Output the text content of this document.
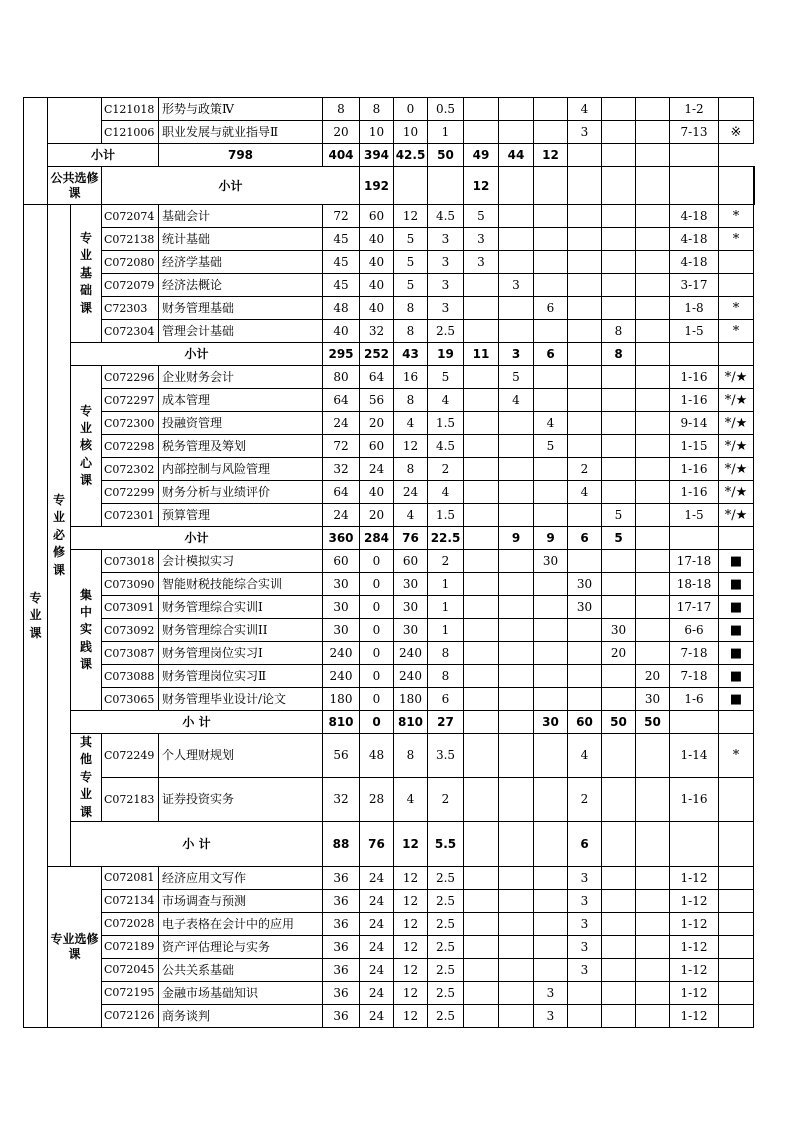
			C121018	形势与政策Ⅳ	8	8	0	0.5				4			1-2		
			C121006	职业发展与就业指导Ⅱ	20	10	10	1				3			7-13	※	
	小计			798	404	394	42.5	50	49	44	12						
	公共选修课		小计			192			12								

专业课	专业必修课	专业基础课	C072074	基础会计	72	60	12	4.5	5						4-18	*	
			C072138	统计基础	45	40	5	3	3						4-18	*	
			C072080	经济学基础	45	40	5	3	3						4-18		
			C072079	经济法概论	45	40	5	3		3					3-17		
			C72303	财务管理基础	48	40	8	3			6				1-8	*	
			C072304	管理会计基础	40	32	8	2.5					8		1-5	*	
		小计			295	252	43	19	11	3	6		8				

		专业核心课	C072296	企业财务会计	80	64	16	5		5					1-16	*/★	
			C072297	成本管理	64	56	8	4		4					1-16	*/★	
			C072300	投融资管理	24	20	4	1.5			4				9-14	*/★	
			C072298	税务管理及筹划	72	60	12	4.5			5				1-15	*/★	
			C072302	内部控制与风险管理	32	24	8	2				2			1-16	*/★	
			C072299	财务分析与业绩评价	64	40	24	4				4			1-16	*/★	
			C072301	预算管理	24	20	4	1.5					5		1-5	*/★	
		小计			360	284	76	22.5		9	9	6	5				

		集中实践课	C073018	会计模拟实习	60	0	60	2			30				17-18	■	
			C073090	智能财税技能综合实训	30	0	30	1				30			18-18	■	
			C073091	财务管理综合实训Ⅰ	30	0	30	1				30			17-17	■	
			C073092	财务管理综合实训II	30	0	30	1					30		6-6	■	
			C073087	财务管理岗位实习Ⅰ	240	0	240	8					20		7-18	■	
			C073088	财务管理岗位实习Ⅱ	240	0	240	8						20	7-18	■	
			C073065	财务管理毕业设计/论文	180	0	180	6						30	1-6	■	
		小 计			810	0	810	27			30	60	50	50			

		其他专业课	C072249	个人理财规划	56	48	8	3.5				4			1-14	*	
			C072183	证券投资实务	32	28	4	2				2			1-16		
		小 计			88	76	12	5.5				6					
	专业选修课		C072081	经济应用文写作	36	24	12	2.5				3			1-12		
			C072134	市场调查与预测	36	24	12	2.5				3			1-12		
			C072028	电子表格在会计中的应用	36	24	12	2.5				3			1-12		
			C072189	资产评估理论与实务	36	24	12	2.5				3			1-12		
			C072045	公共关系基础	36	24	12	2.5				3			1-12		
			C072195	金融市场基础知识	36	24	12	2.5			3				1-12		
			C072126	商务谈判	36	24	12	2.5			3				1-12		
